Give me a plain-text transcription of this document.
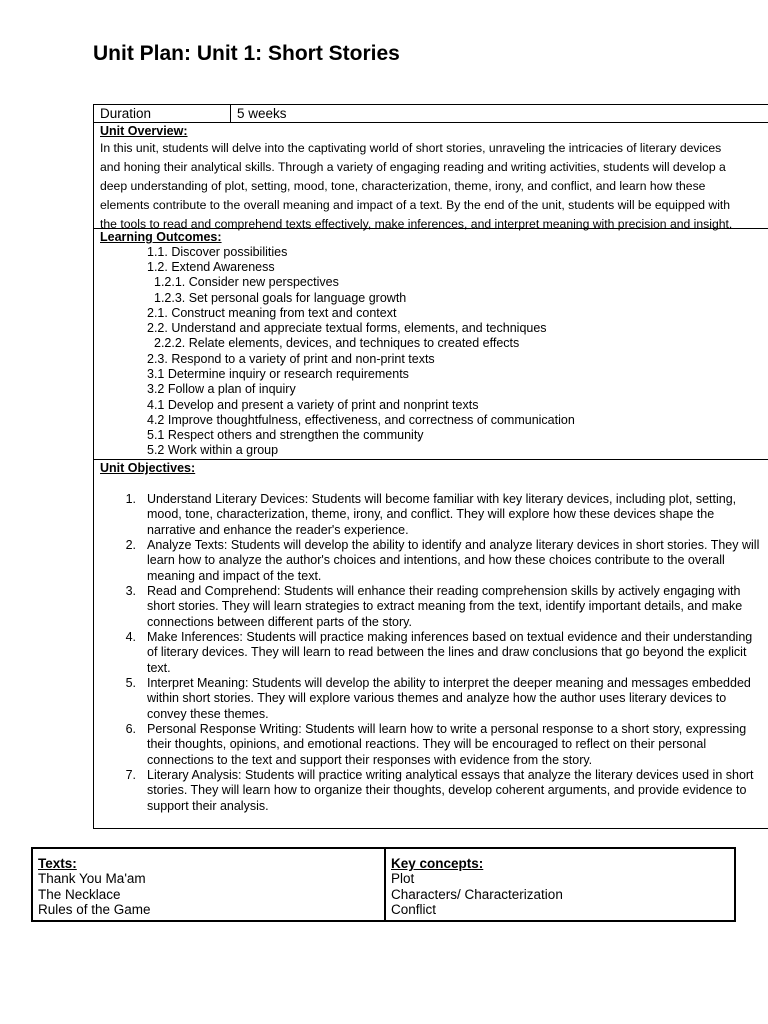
Unit Plan: Unit 1: Short Stories
Duration	5 weeks
Unit Overview:
In this unit, students will delve into the captivating world of short stories, unraveling the intricacies of literary devices
and honing their analytical skills. Through a variety of engaging reading and writing activities, students will develop a
deep understanding of plot, setting, mood, tone, characterization, theme, irony, and conflict, and learn how these
elements contribute to the overall meaning and impact of a text. By the end of the unit, students will be equipped with
the tools to read and comprehend texts effectively, make inferences, and interpret meaning with precision and insight.
Learning Outcomes:
1.1. Discover possibilities
1.2. Extend Awareness
1.2.1. Consider new perspectives
1.2.3. Set personal goals for language growth
2.1. Construct meaning from text and context
2.2. Understand and appreciate textual forms, elements, and techniques
2.2.2. Relate elements, devices, and techniques to created effects
2.3. Respond to a variety of print and non-print texts
3.1 Determine inquiry or research requirements
3.2 Follow a plan of inquiry
4.1 Develop and present a variety of print and nonprint texts
4.2 Improve thoughtfulness, effectiveness, and correctness of communication
5.1 Respect others and strengthen the community
5.2 Work within a group
Unit Objectives:
1. Understand Literary Devices: Students will become familiar with key literary devices, including plot, setting,
mood, tone, characterization, theme, irony, and conflict. They will explore how these devices shape the
narrative and enhance the reader's experience.
2. Analyze Texts: Students will develop the ability to identify and analyze literary devices in short stories. They will
learn how to analyze the author's choices and intentions, and how these choices contribute to the overall
meaning and impact of the text.
3. Read and Comprehend: Students will enhance their reading comprehension skills by actively engaging with
short stories. They will learn strategies to extract meaning from the text, identify important details, and make
connections between different parts of the story.
4. Make Inferences: Students will practice making inferences based on textual evidence and their understanding
of literary devices. They will learn to read between the lines and draw conclusions that go beyond the explicit
text.
5. Interpret Meaning: Students will develop the ability to interpret the deeper meaning and messages embedded
within short stories. They will explore various themes and analyze how the author uses literary devices to
convey these themes.
6. Personal Response Writing: Students will learn how to write a personal response to a short story, expressing
their thoughts, opinions, and emotional reactions. They will be encouraged to reflect on their personal
connections to the text and support their responses with evidence from the story.
7. Literary Analysis: Students will practice writing analytical essays that analyze the literary devices used in short
stories. They will learn how to organize their thoughts, develop coherent arguments, and provide evidence to
support their analysis.
Texts:
Thank You Ma'am
The Necklace
Rules of the Game
Key concepts:
Plot
Characters/ Characterization
Conflict
